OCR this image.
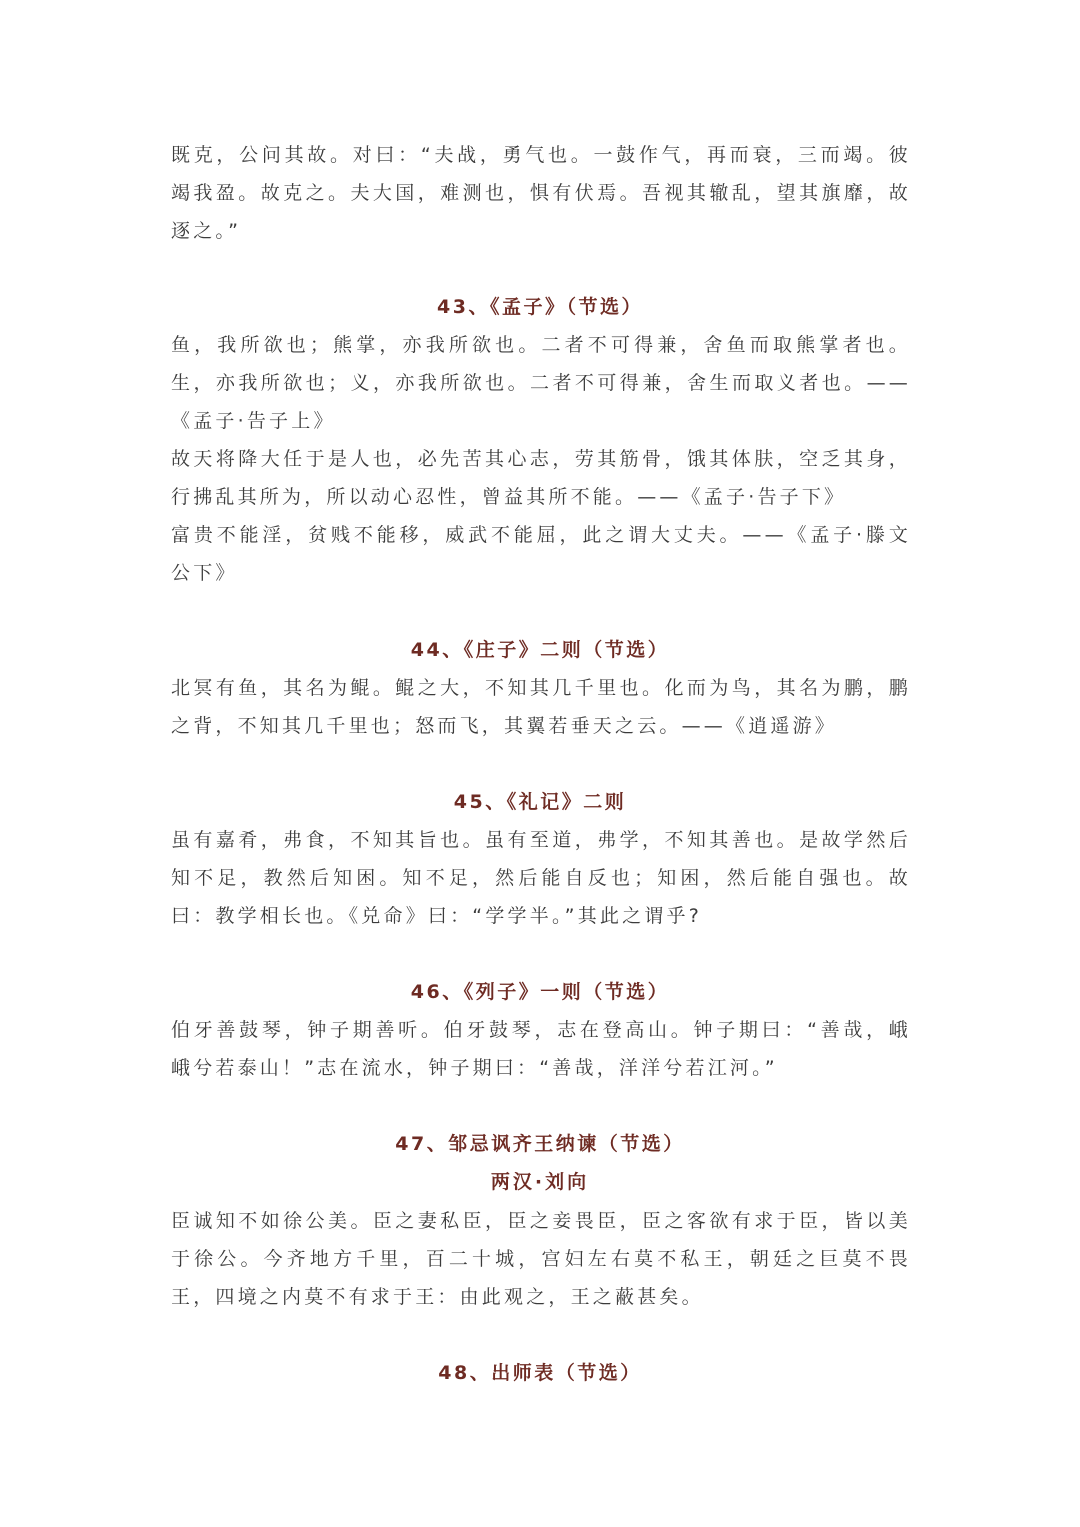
既克，公问其故。对曰：“夫战，勇气也。一鼓作气，再而衰，三而竭。彼竭我盈。故克之。夫大国，难测也，惧有伏焉。吾视其辙乱，望其旗靡，故逐之。”

43、《孟子》（节选）

鱼，我所欲也；熊掌，亦我所欲也。二者不可得兼，舍鱼而取熊掌者也。生，亦我所欲也；义，亦我所欲也。二者不可得兼，舍生而取义者也。——《孟子·告子上》

故天将降大任于是人也，必先苦其心志，劳其筋骨，饿其体肤，空乏其身，行拂乱其所为，所以动心忍性，曾益其所不能。——《孟子·告子下》

富贵不能淫，贫贱不能移，威武不能屈，此之谓大丈夫。——《孟子·滕文公下》

44、《庄子》二则（节选）

北冥有鱼，其名为鲲。鲲之大，不知其几千里也。化而为鸟，其名为鹏，鹏之背，不知其几千里也；怒而飞，其翼若垂天之云。——《逍遥游》

45、《礼记》二则

虽有嘉肴，弗食，不知其旨也。虽有至道，弗学，不知其善也。是故学然后知不足，教然后知困。知不足，然后能自反也；知困，然后能自强也。故曰：教学相长也。《兑命》曰：“学学半。”其此之谓乎?

46、《列子》一则（节选）

伯牙善鼓琴，钟子期善听。伯牙鼓琴，志在登高山。钟子期曰：“善哉，峨峨兮若泰山！”志在流水，钟子期曰：“善哉，洋洋兮若江河。”

47、邹忌讽齐王纳谏（节选）
两汉·刘向

臣诚知不如徐公美。臣之妻私臣，臣之妾畏臣，臣之客欲有求于臣，皆以美于徐公。今齐地方千里，百二十城，宫妇左右莫不私王，朝廷之巨莫不畏王，四境之内莫不有求于王：由此观之，王之蔽甚矣。

48、出师表（节选）
